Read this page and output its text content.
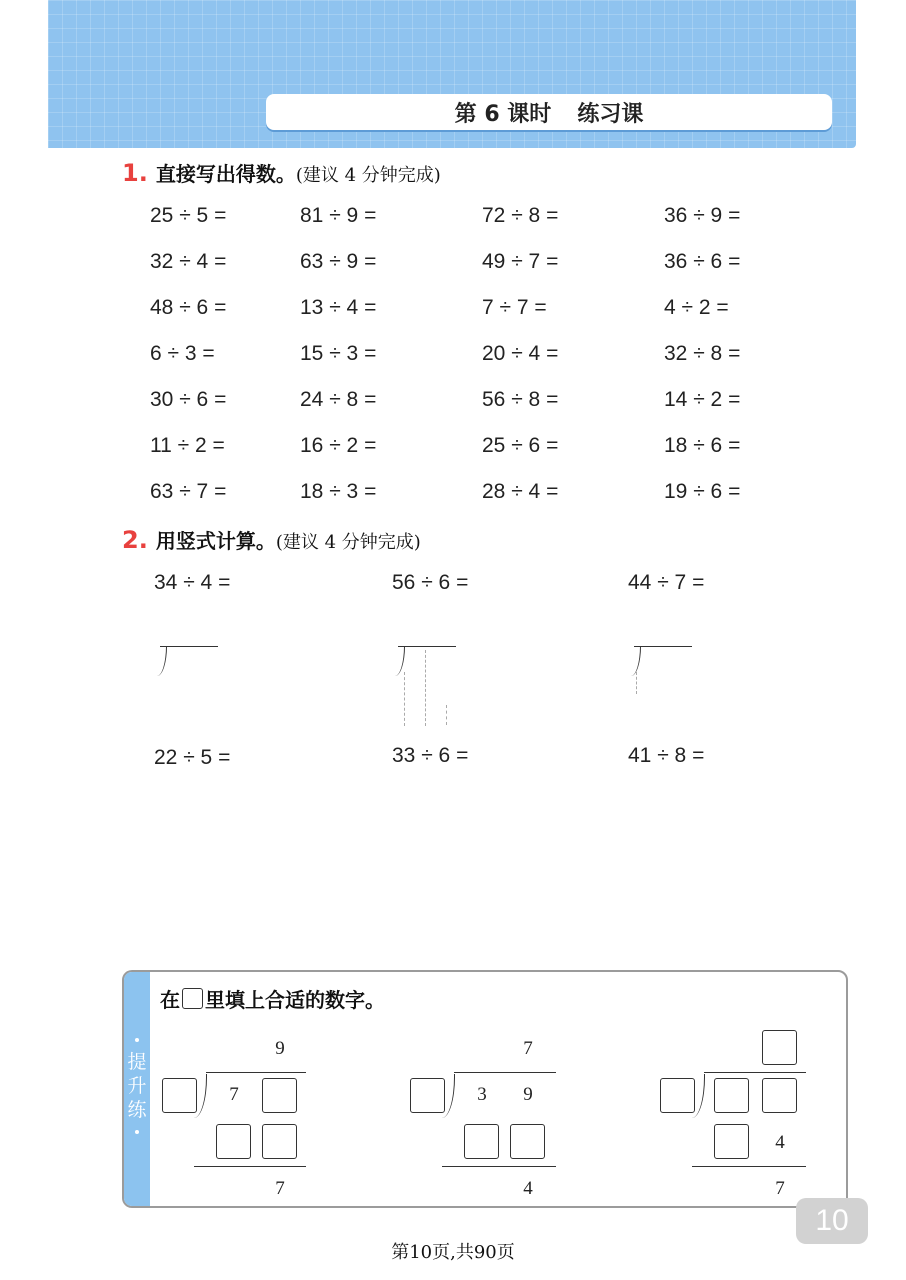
第 6 课时 练习课
1. 直接写出得数。(建议 4 分钟完成)
25 ÷ 5 =	81 ÷ 9 =	72 ÷ 8 =	36 ÷ 9 =
32 ÷ 4 =	63 ÷ 9 =	49 ÷ 7 =	36 ÷ 6 =
48 ÷ 6 =	13 ÷ 4 =	7 ÷ 7 =	4 ÷ 2 =
6 ÷ 3 =	15 ÷ 3 =	20 ÷ 4 =	32 ÷ 8 =
30 ÷ 6 =	24 ÷ 8 =	56 ÷ 8 =	14 ÷ 2 =
11 ÷ 2 =	16 ÷ 2 =	25 ÷ 6 =	18 ÷ 6 =
63 ÷ 7 =	18 ÷ 3 =	28 ÷ 4 =	19 ÷ 6 =
2. 用竖式计算。(建议 4 分钟完成)
34 ÷ 4 =	56 ÷ 6 =	44 ÷ 7 =
22 ÷ 5 =	33 ÷ 6 =	41 ÷ 8 =
提
升
练
在 里填上合适的数字。
9
7
7
7
3	9
4
4
7
10
第10页,共90页
